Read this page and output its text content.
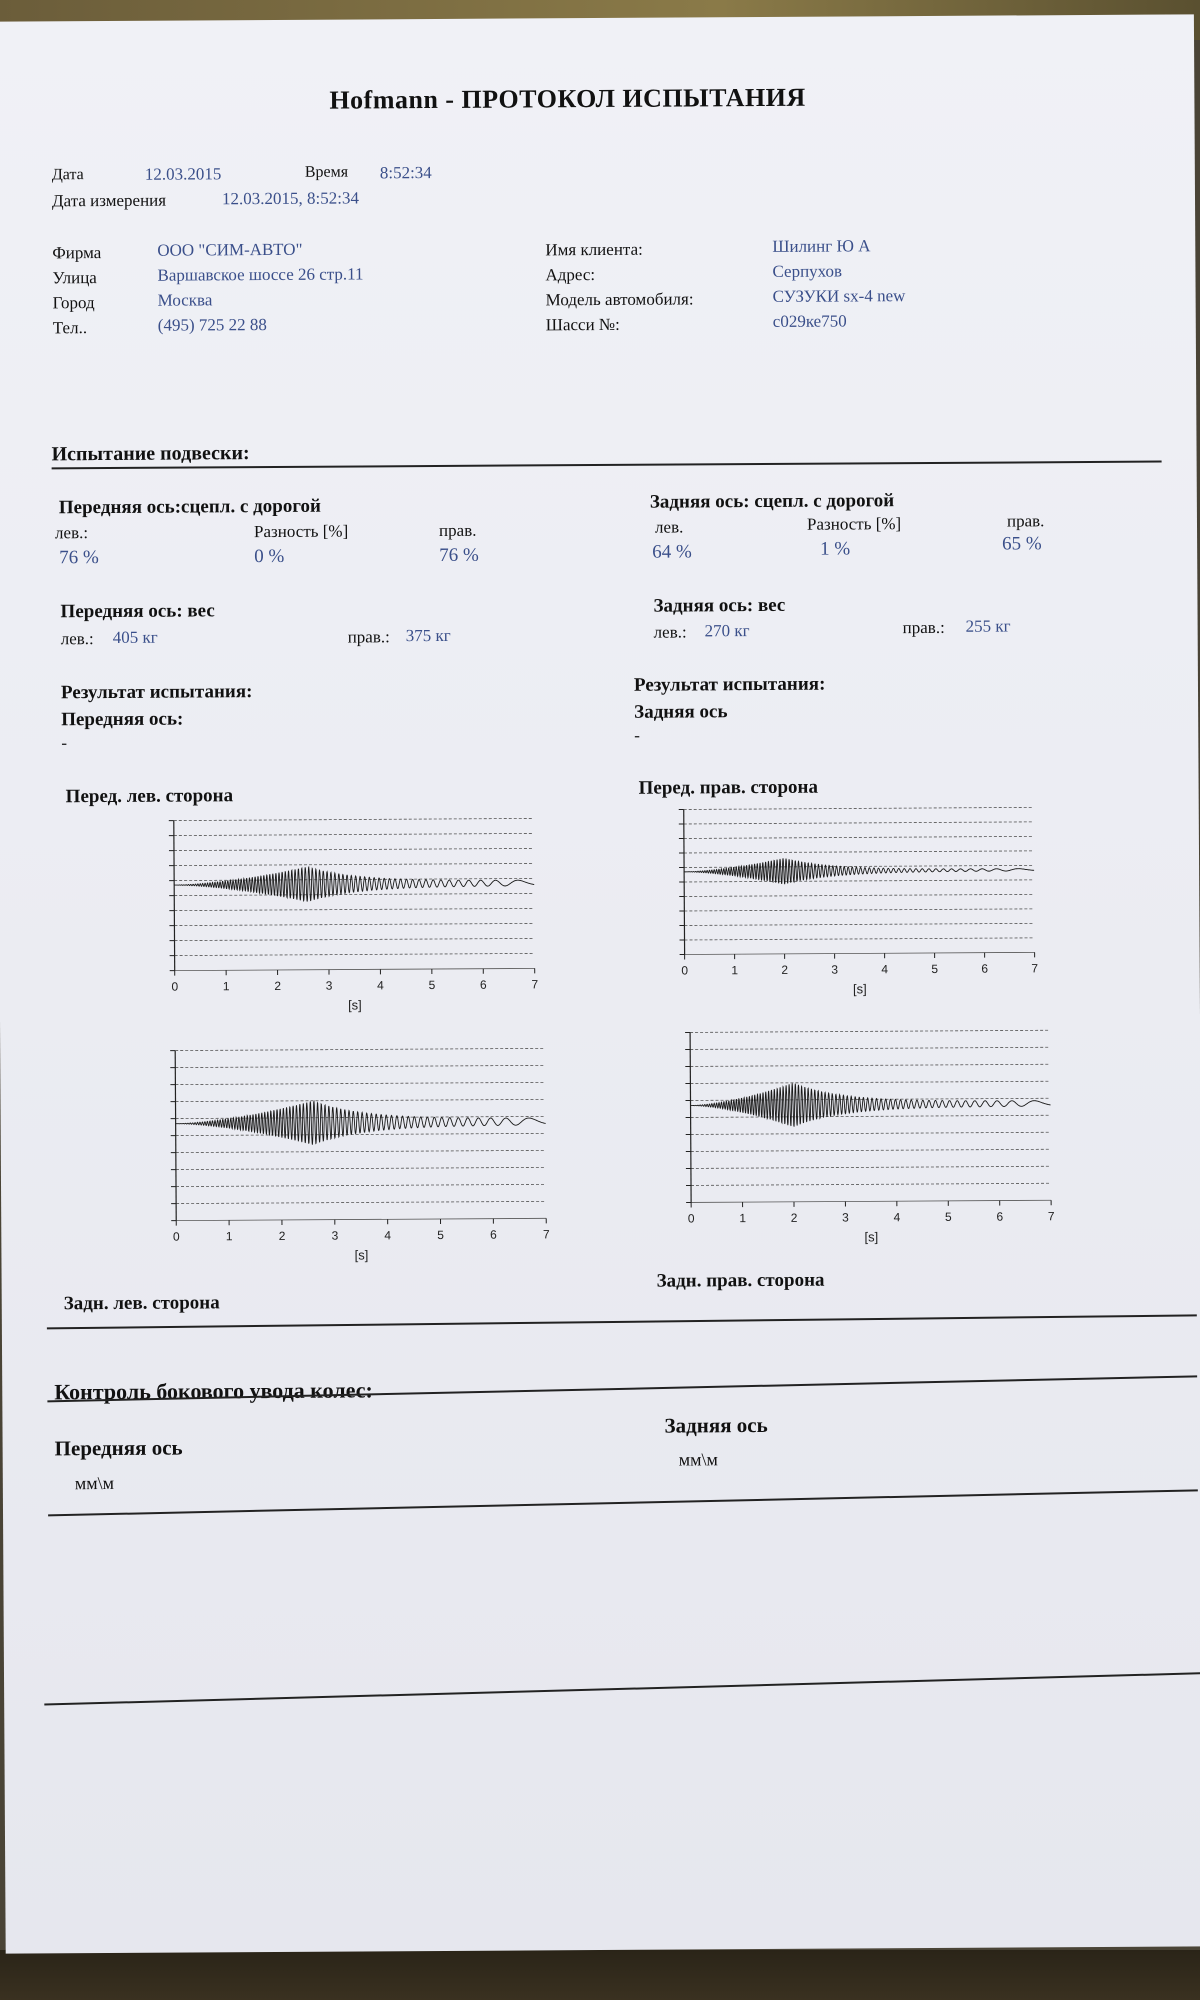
Hofmann - ПРОТОКОЛ ИСПЫТАНИЯ
Дата	12.03.2015	Время 8:52:34
Дата измерения	12.03.2015, 8:52:34
Фирма	ООО "СИМ-АВТО"
Улица	Варшавское шоссе 26 стр.11
Город	Москва
Тел..	(495) 725 22 88
Имя клиента:	Шилинг Ю А
Адрес:	Серпухов
Модель автомобиля:	СУЗУКИ sx-4 new
Шасси №:	с029ке750
Испытание подвески:
Передняя ось:сцепл. с дорогой
лев.:	Разность [%]	прав.
76 %	0 %	76 %
Задняя ось: сцепл. с дорогой
лев.	Разность [%]	прав.
64 %	1 %	65 %
Передняя ось: вес
лев.: 405 кг	прав.: 375 кг
Задняя ось: вес
лев.: 270 кг	прав.: 255 кг
Результат испытания:
Передняя ось:
-
Результат испытания:
Задняя ось
-
Перед. лев. сторона	Перед. прав. сторона
Задн. лев. сторона
Задн. прав. сторона
0	1	2	3	4	5	6	7
[s]
0	1	2	3	4	5	6	7
[s]
0	1	2	3	4	5	6	7
[s]
0	1	2	3	4	5	6	7
[s]
Контроль бокового увода колес:
Передняя ось
мм\м
Задняя ось
мм\м
